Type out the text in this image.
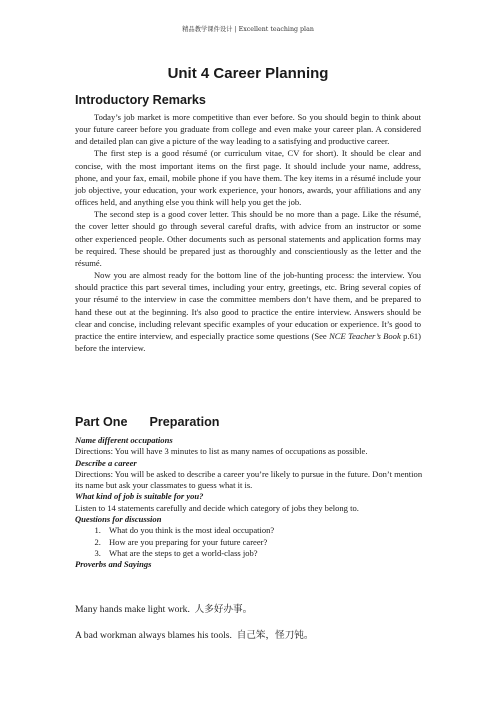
精品教学课件设计 | Excellent teaching plan
Unit 4 Career Planning
Introductory Remarks

Today’s job market is more competitive than ever before. So you should begin to think about your future career before you graduate from college and even make your career plan. A considered and detailed plan can give a picture of the way leading to a satisfying and productive career.

The first step is a good résumé (or curriculum vitae, CV for short). It should be clear and concise, with the most important items on the first page. It should include your name, address, phone, and your fax, email, mobile phone if you have them. The key items in a résumé include your job objective, your education, your work experience, your honors, awards, your affiliations and any offices held, and anything else you think will help you get the job.

The second step is a good cover letter. This should be no more than a page. Like the résumé, the cover letter should go through several careful drafts, with advice from an instructor or some other experienced people. Other documents such as personal statements and application forms may be required. These should be prepared just as thoroughly and conscientiously as the letter and the résumé.

Now you are almost ready for the bottom line of the job-hunting process: the interview. You should practice this part several times, including your entry, greetings, etc. Bring several copies of your résumé to the interview in case the committee members don’t have them, and be prepared to hand these out at the beginning. It's also good to practice the entire interview. Answers should be clear and concise, including relevant specific examples of your education or experience. It’s good to practice the entire interview, and especially practice some questions (See NCE Teacher’s Book p.61) before the interview.

Part One Preparation
Name different occupations
Directions: You will have 3 minutes to list as many names of occupations as possible.
Describe a career
Directions: You will be asked to describe a career you’re likely to pursue in the future. Don’t mention its name but ask your classmates to guess what it is.
What kind of job is suitable for you?
Listen to 14 statements carefully and decide which category of jobs they belong to.
Questions for discussion
1. What do you think is the most ideal occupation?
2. How are you preparing for your future career?
3. What are the steps to get a world-class job?
Proverbs and Sayings
Many hands make light work. 人多好办事。
A bad workman always blames his tools. 自己笨，怪刀钝。
